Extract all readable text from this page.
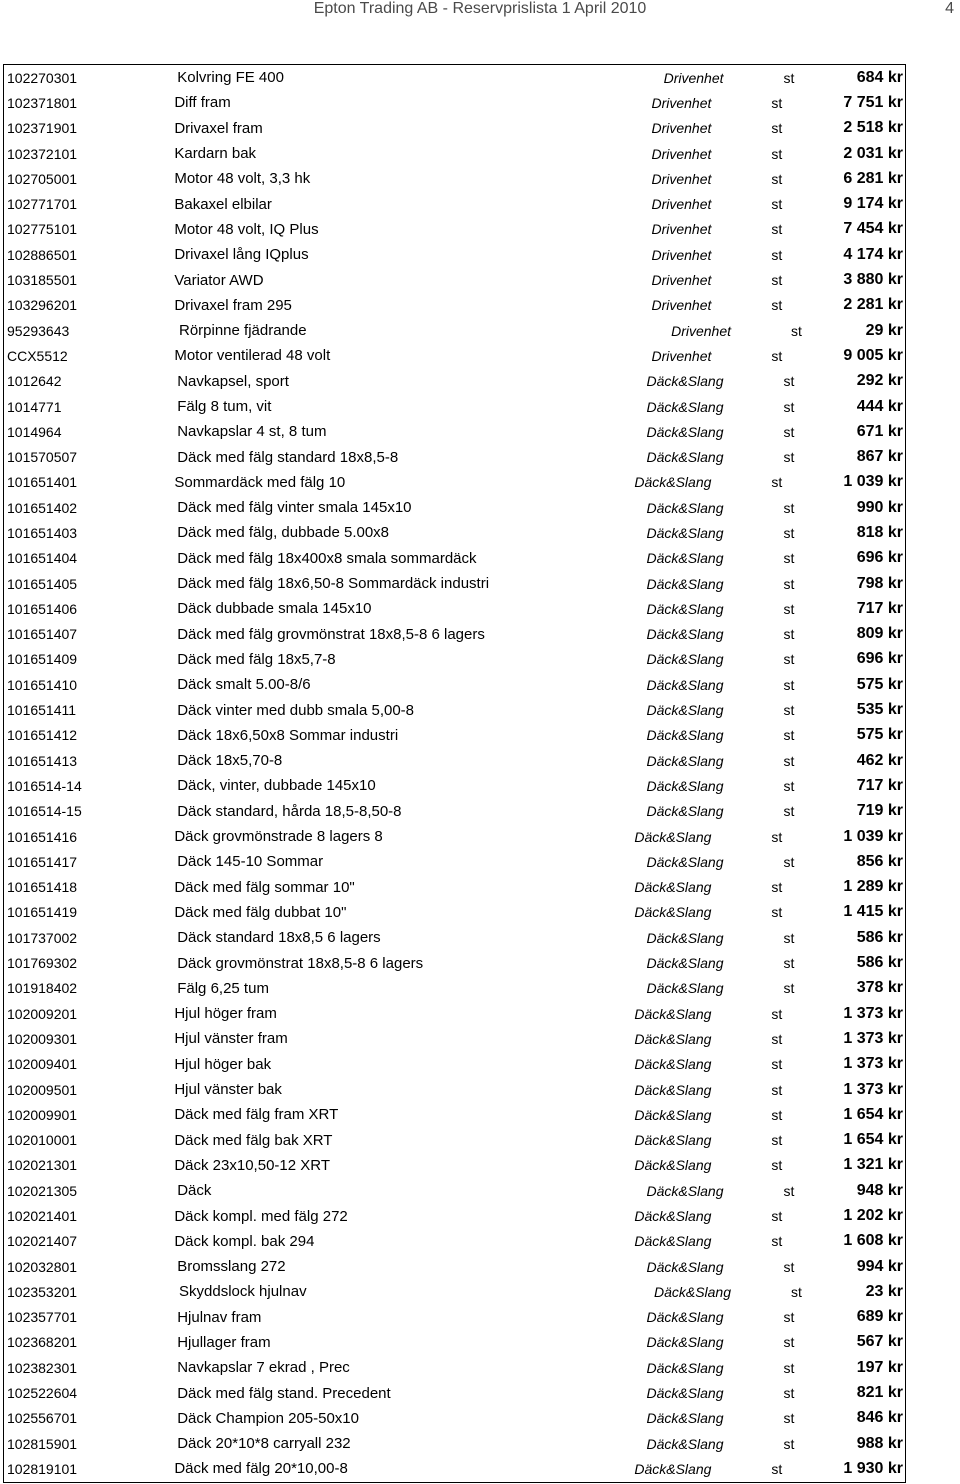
Epton Trading AB - Reservprislista 1 April 2010	4
102270301	Kolvring FE 400	Drivenhet	st	684 kr
102371801	Diff fram	Drivenhet	st	7 751 kr
102371901	Drivaxel fram	Drivenhet	st	2 518 kr
102372101	Kardarn bak	Drivenhet	st	2 031 kr
102705001	Motor 48 volt, 3,3 hk	Drivenhet	st	6 281 kr
102771701	Bakaxel elbilar	Drivenhet	st	9 174 kr
102775101	Motor 48 volt, IQ Plus	Drivenhet	st	7 454 kr
102886501	Drivaxel lång IQplus	Drivenhet	st	4 174 kr
103185501	Variator AWD	Drivenhet	st	3 880 kr
103296201	Drivaxel fram 295	Drivenhet	st	2 281 kr
95293643	Rörpinne fjädrande	Drivenhet	st	29 kr
CCX5512	Motor ventilerad 48 volt	Drivenhet	st	9 005 kr
1012642	Navkapsel, sport	Däck&Slang	st	292 kr
1014771	Fälg 8 tum, vit	Däck&Slang	st	444 kr
1014964	Navkapslar 4 st, 8 tum	Däck&Slang	st	671 kr
101570507	Däck med fälg standard 18x8,5-8	Däck&Slang	st	867 kr
101651401	Sommardäck med fälg 10	Däck&Slang	st	1 039 kr
101651402	Däck med fälg vinter smala 145x10	Däck&Slang	st	990 kr
101651403	Däck med fälg, dubbade 5.00x8	Däck&Slang	st	818 kr
101651404	Däck med fälg 18x400x8 smala sommardäck	Däck&Slang	st	696 kr
101651405	Däck med fälg 18x6,50-8 Sommardäck industri	Däck&Slang	st	798 kr
101651406	Däck dubbade smala 145x10	Däck&Slang	st	717 kr
101651407	Däck med fälg grovmönstrat 18x8,5-8 6 lagers	Däck&Slang	st	809 kr
101651409	Däck med fälg 18x5,7-8	Däck&Slang	st	696 kr
101651410	Däck smalt 5.00-8/6	Däck&Slang	st	575 kr
101651411	Däck vinter med dubb smala 5,00-8	Däck&Slang	st	535 kr
101651412	Däck 18x6,50x8 Sommar industri	Däck&Slang	st	575 kr
101651413	Däck 18x5,70-8	Däck&Slang	st	462 kr
1016514-14	Däck, vinter, dubbade 145x10	Däck&Slang	st	717 kr
1016514-15	Däck standard, hårda 18,5-8,50-8	Däck&Slang	st	719 kr
101651416	Däck grovmönstrade 8 lagers 8	Däck&Slang	st	1 039 kr
101651417	Däck 145-10 Sommar	Däck&Slang	st	856 kr
101651418	Däck med fälg sommar 10"	Däck&Slang	st	1 289 kr
101651419	Däck med fälg dubbat 10"	Däck&Slang	st	1 415 kr
101737002	Däck standard 18x8,5 6 lagers	Däck&Slang	st	586 kr
101769302	Däck grovmönstrat 18x8,5-8 6 lagers	Däck&Slang	st	586 kr
101918402	Fälg 6,25 tum	Däck&Slang	st	378 kr
102009201	Hjul höger fram	Däck&Slang	st	1 373 kr
102009301	Hjul vänster fram	Däck&Slang	st	1 373 kr
102009401	Hjul höger bak	Däck&Slang	st	1 373 kr
102009501	Hjul vänster bak	Däck&Slang	st	1 373 kr
102009901	Däck med fälg fram XRT	Däck&Slang	st	1 654 kr
102010001	Däck med fälg bak XRT	Däck&Slang	st	1 654 kr
102021301	Däck 23x10,50-12 XRT	Däck&Slang	st	1 321 kr
102021305	Däck	Däck&Slang	st	948 kr
102021401	Däck kompl. med fälg 272	Däck&Slang	st	1 202 kr
102021407	Däck kompl. bak 294	Däck&Slang	st	1 608 kr
102032801	Bromsslang 272	Däck&Slang	st	994 kr
102353201	Skyddslock hjulnav	Däck&Slang	st	23 kr
102357701	Hjulnav fram	Däck&Slang	st	689 kr
102368201	Hjullager fram	Däck&Slang	st	567 kr
102382301	Navkapslar 7 ekrad , Prec	Däck&Slang	st	197 kr
102522604	Däck med fälg stand. Precedent	Däck&Slang	st	821 kr
102556701	Däck Champion 205-50x10	Däck&Slang	st	846 kr
102815901	Däck 20*10*8 carryall 232	Däck&Slang	st	988 kr
102819101	Däck med fälg 20*10,00-8	Däck&Slang	st	1 930 kr
